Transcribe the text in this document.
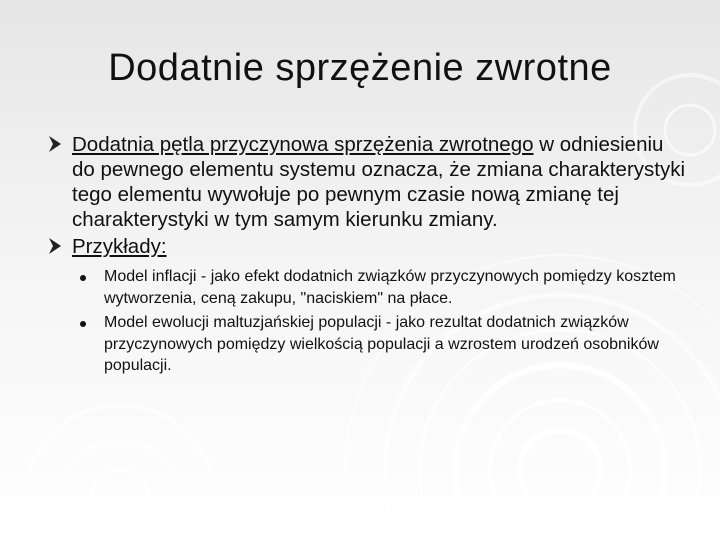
Dodatnie sprzężenie zwrotne
Dodatnia pętla przyczynowa sprzężenia zwrotnego w odniesieniu do pewnego elementu systemu oznacza, że zmiana charakterystyki tego elementu wywołuje po pewnym czasie nową zmianę tej charakterystyki w tym samym kierunku zmiany.
Przykłady:
Model inflacji - jako efekt dodatnich związków przyczynowych pomiędzy kosztem wytworzenia, ceną zakupu, "naciskiem" na płace.
Model ewolucji maltuzjańskiej populacji - jako rezultat dodatnich związków przyczynowych pomiędzy wielkością populacji a wzrostem urodzeń osobników populacji.
